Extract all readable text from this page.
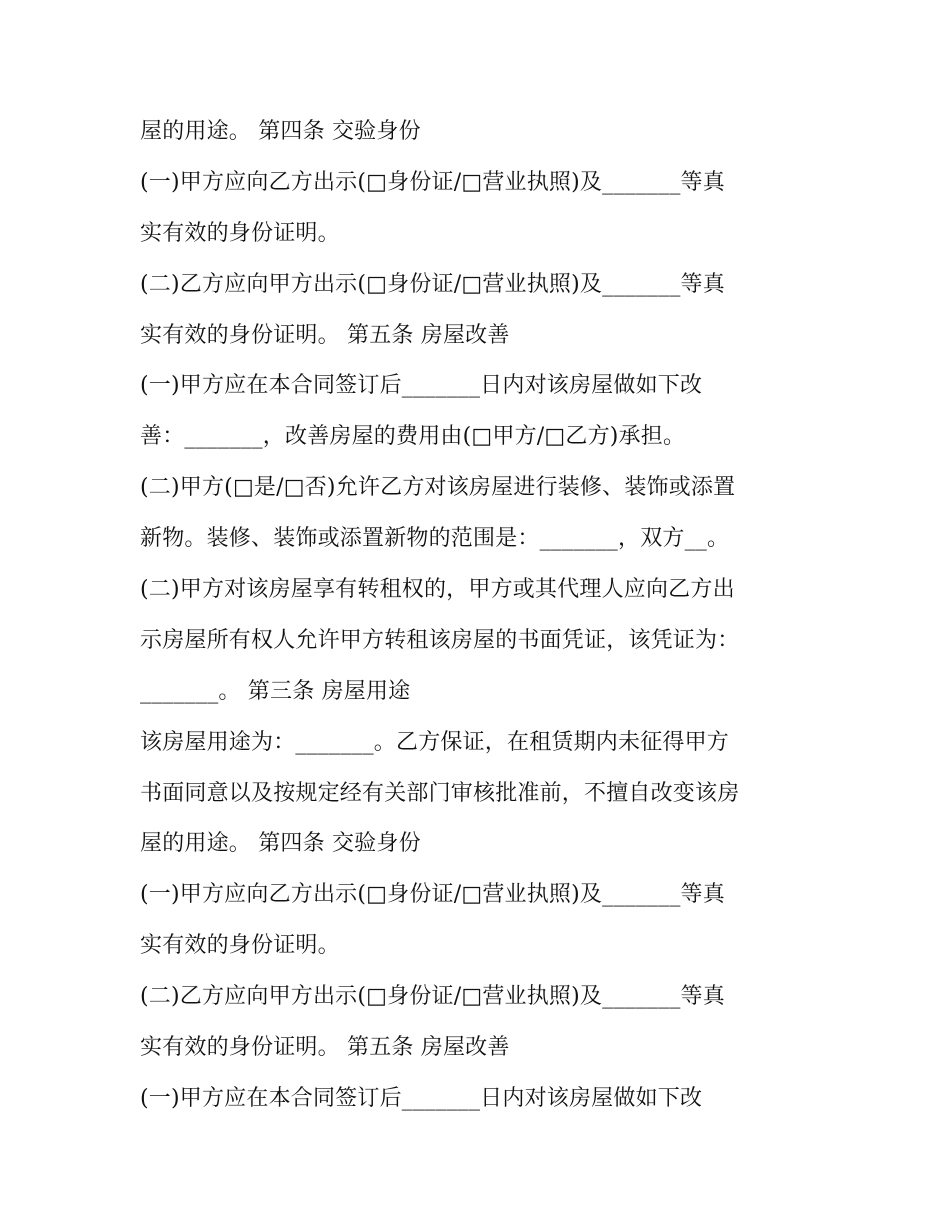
屋的用途。 第四条 交验身份
(一)甲方应向乙方出示(□身份证/□营业执照)及_______等真
实有效的身份证明。
(二)乙方应向甲方出示(□身份证/□营业执照)及_______等真
实有效的身份证明。 第五条 房屋改善
(一)甲方应在本合同签订后_______日内对该房屋做如下改
善：_______，改善房屋的费用由(□甲方/□乙方)承担。
(二)甲方(□是/□否)允许乙方对该房屋进行装修、装饰或添置
新物。装修、装饰或添置新物的范围是：_______，双方__。
(二)甲方对该房屋享有转租权的，甲方或其代理人应向乙方出
示房屋所有权人允许甲方转租该房屋的书面凭证，该凭证为：
_______。 第三条 房屋用途
该房屋用途为：_______。乙方保证，在租赁期内未征得甲方
书面同意以及按规定经有关部门审核批准前，不擅自改变该房
屋的用途。 第四条 交验身份
(一)甲方应向乙方出示(□身份证/□营业执照)及_______等真
实有效的身份证明。
(二)乙方应向甲方出示(□身份证/□营业执照)及_______等真
实有效的身份证明。 第五条 房屋改善
(一)甲方应在本合同签订后_______日内对该房屋做如下改
